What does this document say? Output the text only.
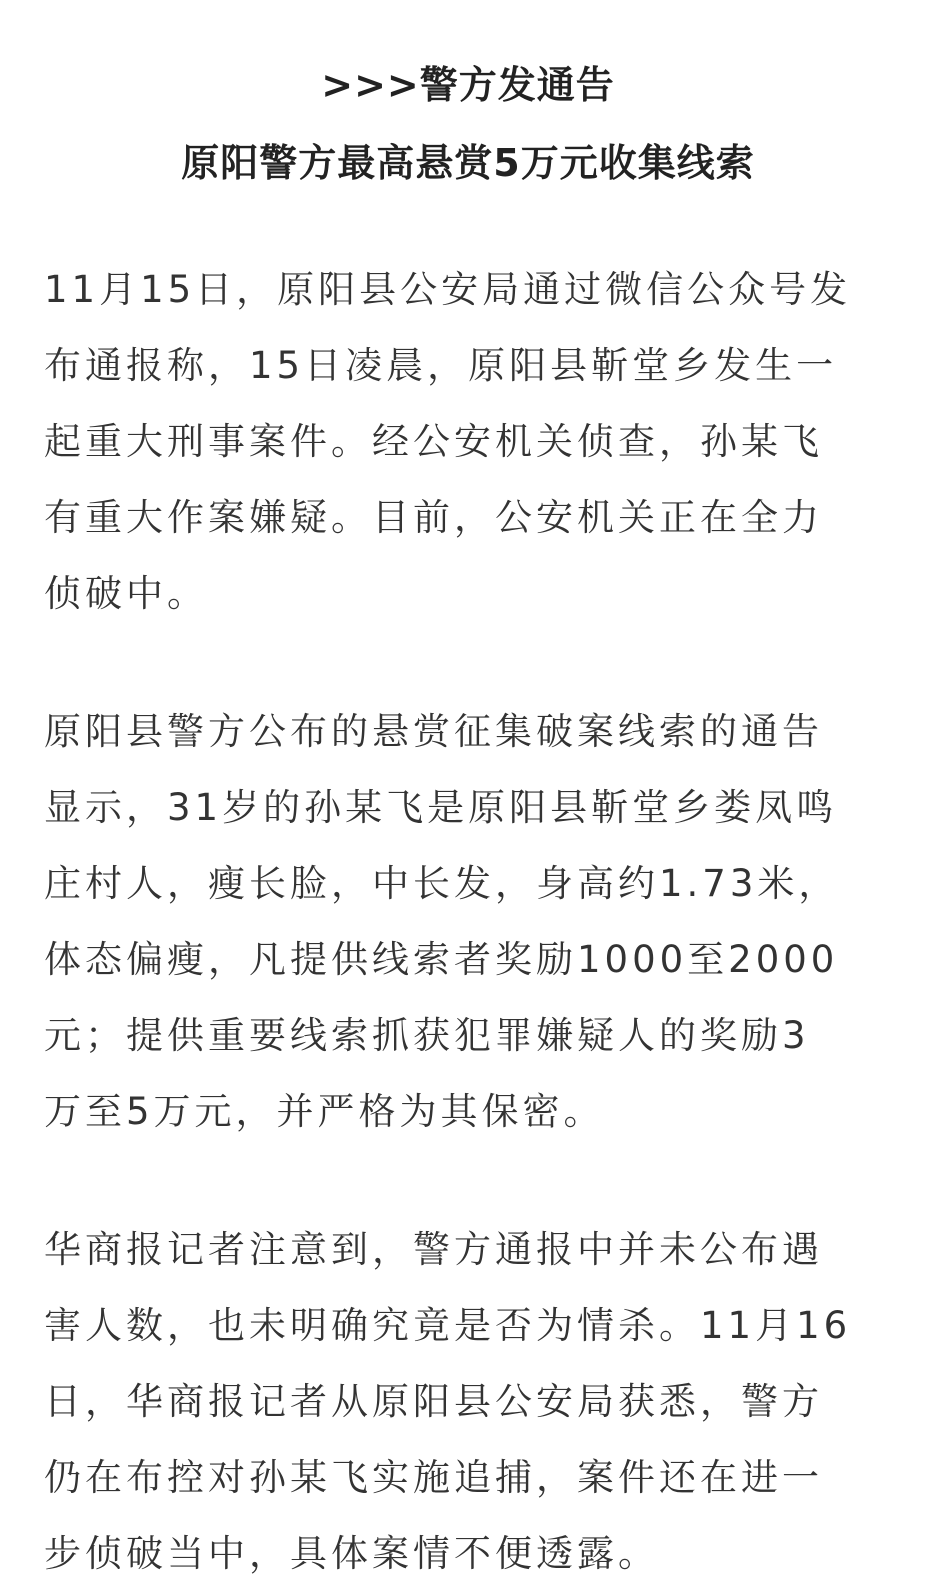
>>>警方发通告

原阳警方最高悬赏5万元收集线索

11月15日，原阳县公安局通过微信公众号发
布通报称，15日凌晨，原阳县靳堂乡发生一
起重大刑事案件。经公安机关侦查，孙某飞
有重大作案嫌疑。目前，公安机关正在全力
侦破中。

原阳县警方公布的悬赏征集破案线索的通告
显示，31岁的孙某飞是原阳县靳堂乡娄凤鸣
庄村人，瘦长脸，中长发，身高约1.73米，
体态偏瘦，凡提供线索者奖励1000至2000
元；提供重要线索抓获犯罪嫌疑人的奖励3
万至5万元，并严格为其保密。

华商报记者注意到，警方通报中并未公布遇
害人数，也未明确究竟是否为情杀。11月16
日，华商报记者从原阳县公安局获悉，警方
仍在布控对孙某飞实施追捕，案件还在进一
步侦破当中，具体案情不便透露。
